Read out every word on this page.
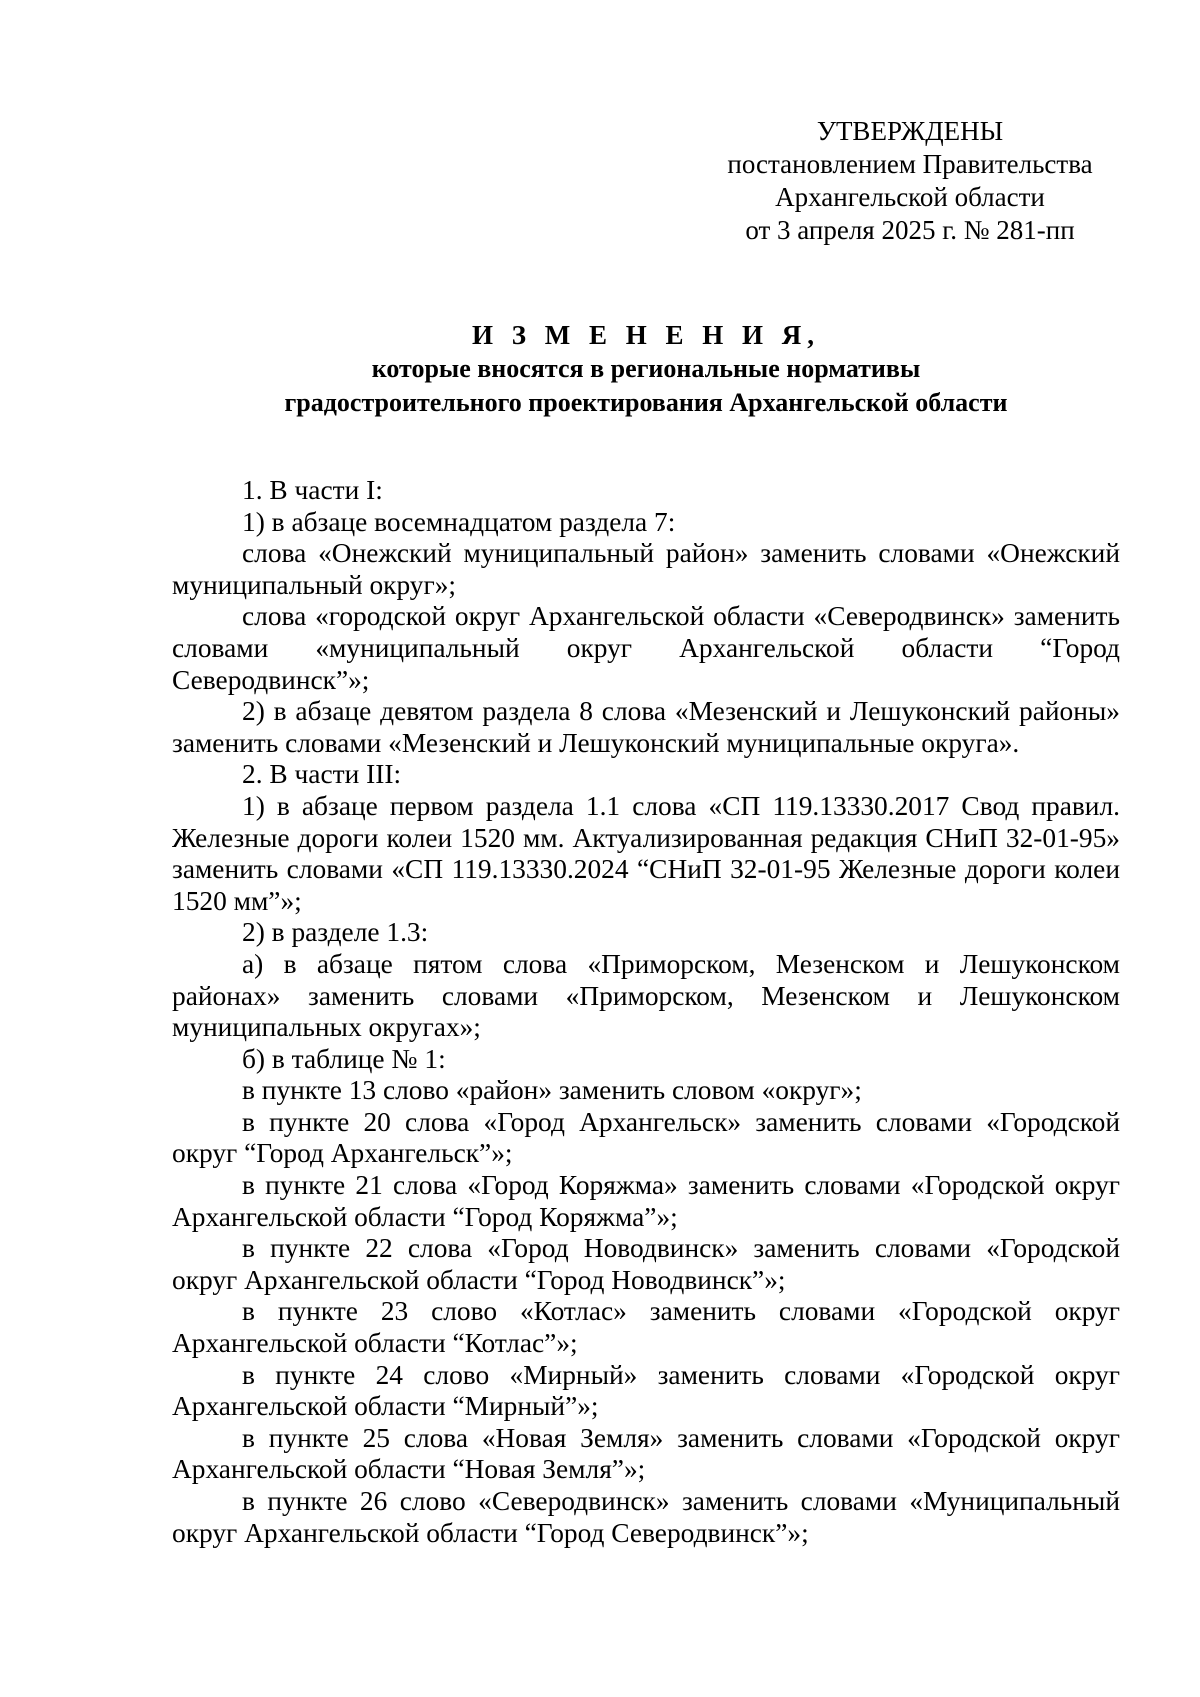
УТВЕРЖДЕНЫ
постановлением Правительства
Архангельской области
от 3 апреля 2025 г. № 281-пп
И З М Е Н Е Н И Я,
которые вносятся в региональные нормативы
градостроительного проектирования Архангельской области

1. В части I:

1) в абзаце восемнадцатом раздела 7:

слова «Онежский муниципальный район» заменить словами «Онежский муниципальный округ»;

слова «городской округ Архангельской области «Северодвинск» заменить словами «муниципальный округ Архангельской области “Город Северодвинск”»;

2) в абзаце девятом раздела 8 слова «Мезенский и Лешуконский районы» заменить словами «Мезенский и Лешуконский муниципальные округа».

2. В части III:

1) в абзаце первом раздела 1.1 слова «СП 119.13330.2017 Свод правил. Железные дороги колеи 1520 мм. Актуализированная редакция СНиП 32-01-95» заменить словами «СП 119.13330.2024 “СНиП 32-01-95 Железные дороги колеи 1520 мм”»;

2) в разделе 1.3:

а) в абзаце пятом слова «Приморском, Мезенском и Лешуконском районах» заменить словами «Приморском, Мезенском и Лешуконском муниципальных округах»;

б) в таблице № 1:

в пункте 13 слово «район» заменить словом «округ»;

в пункте 20 слова «Город Архангельск» заменить словами «Городской округ “Город Архангельск”»;

в пункте 21 слова «Город Коряжма» заменить словами «Городской округ Архангельской области “Город Коряжма”»;

в пункте 22 слова «Город Новодвинск» заменить словами «Городской округ Архангельской области “Город Новодвинск”»;

в пункте 23 слово «Котлас» заменить словами «Городской округ Архангельской области “Котлас”»;

в пункте 24 слово «Мирный» заменить словами «Городской округ Архангельской области “Мирный”»;

в пункте 25 слова «Новая Земля» заменить словами «Городской округ Архангельской области “Новая Земля”»;

в пункте 26 слово «Северодвинск» заменить словами «Муниципальный округ Архангельской области “Город Северодвинск”»;
